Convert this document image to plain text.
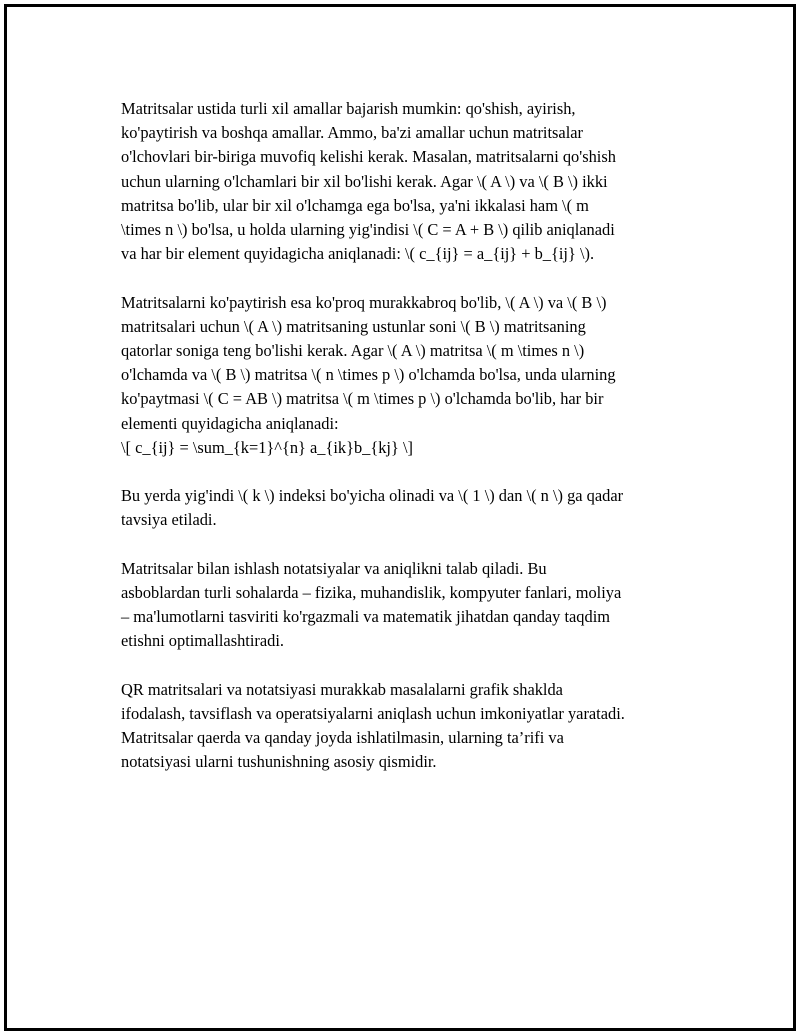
Matritsalar ustida turli xil amallar bajarish mumkin: qo'shish, ayirish,
ko'paytirish va boshqa amallar. Ammo, ba'zi amallar uchun matritsalar
o'lchovlari bir-biriga muvofiq kelishi kerak. Masalan, matritsalarni qo'shish
uchun ularning o'lchamlari bir xil bo'lishi kerak. Agar \( A \) va \( B \) ikki
matritsa bo'lib, ular bir xil o'lchamga ega bo'lsa, ya'ni ikkalasi ham \( m
\times n \) bo'lsa, u holda ularning yig'indisi \( C = A + B \) qilib aniqlanadi
va har bir element quyidagicha aniqlanadi: \( c_{ij} = a_{ij} + b_{ij} \).

Matritsalarni ko'paytirish esa ko'proq murakkabroq bo'lib, \( A \) va \( B \)
matritsalari uchun \( A \) matritsaning ustunlar soni \( B \) matritsaning
qatorlar soniga teng bo'lishi kerak. Agar \( A \) matritsa \( m \times n \)
o'lchamda va \( B \) matritsa \( n \times p \) o'lchamda bo'lsa, unda ularning
ko'paytmasi \( C = AB \) matritsa \( m \times p \) o'lchamda bo'lib, har bir
elementi quyidagicha aniqlanadi:
\[ c_{ij} = \sum_{k=1}^{n} a_{ik}b_{kj} \]

Bu yerda yig'indi \( k \) indeksi bo'yicha olinadi va \( 1 \) dan \( n \) ga qadar
tavsiya etiladi.

Matritsalar bilan ishlash notatsiyalar va aniqlikni talab qiladi. Bu
asboblardan turli sohalarda – fizika, muhandislik, kompyuter fanlari, moliya
– ma'lumotlarni tasviriti ko'rgazmali va matematik jihatdan qanday taqdim
etishni optimallashtiradi.

QR matritsalari va notatsiyasi murakkab masalalarni grafik shaklda
ifodalash, tavsiflash va operatsiyalarni aniqlash uchun imkoniyatlar yaratadi.
Matritsalar qaerda va qanday joyda ishlatilmasin, ularning ta’rifi va
notatsiyasi ularni tushunishning asosiy qismidir.
